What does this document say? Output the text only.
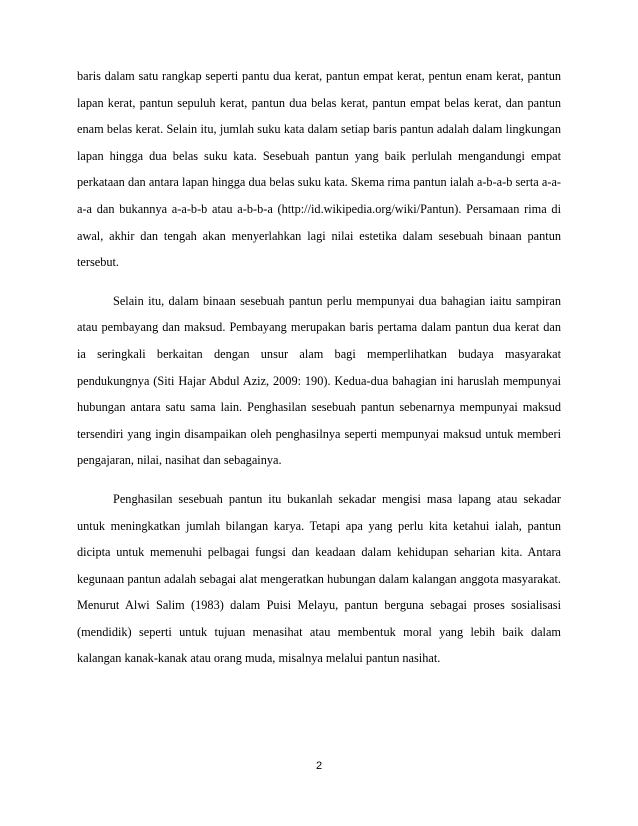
baris dalam satu rangkap seperti pantu dua kerat, pantun empat kerat, pentun enam kerat, pantun lapan kerat, pantun sepuluh kerat, pantun dua belas kerat, pantun empat belas kerat, dan pantun enam belas kerat. Selain itu, jumlah suku kata dalam setiap baris pantun adalah dalam lingkungan lapan hingga dua belas suku kata. Sesebuah pantun yang baik perlulah mengandungi empat perkataan dan antara lapan hingga dua belas suku kata. Skema rima pantun ialah a-b-a-b serta a-a-a-a dan bukannya a-a-b-b atau a-b-b-a (http://id.wikipedia.org/wiki/Pantun). Persamaan rima di awal, akhir dan tengah akan menyerlahkan lagi nilai estetika dalam sesebuah binaan pantun tersebut.

Selain itu, dalam binaan sesebuah pantun perlu mempunyai dua bahagian iaitu sampiran atau pembayang dan maksud. Pembayang merupakan baris pertama dalam pantun dua kerat dan ia seringkali berkaitan dengan unsur alam bagi memperlihatkan budaya masyarakat pendukungnya (Siti Hajar Abdul Aziz, 2009: 190). Kedua-dua bahagian ini haruslah mempunyai hubungan antara satu sama lain. Penghasilan sesebuah pantun sebenarnya mempunyai maksud tersendiri yang ingin disampaikan oleh penghasilnya seperti mempunyai maksud untuk memberi pengajaran, nilai, nasihat dan sebagainya.

Penghasilan sesebuah pantun itu bukanlah sekadar mengisi masa lapang atau sekadar untuk meningkatkan jumlah bilangan karya. Tetapi apa yang perlu kita ketahui ialah, pantun dicipta untuk memenuhi pelbagai fungsi dan keadaan dalam kehidupan seharian kita. Antara kegunaan pantun adalah sebagai alat mengeratkan hubungan dalam kalangan anggota masyarakat. Menurut Alwi Salim (1983) dalam Puisi Melayu, pantun berguna sebagai proses sosialisasi (mendidik) seperti untuk tujuan menasihat atau membentuk moral yang lebih baik dalam kalangan kanak-kanak atau orang muda, misalnya melalui pantun nasihat.

2
